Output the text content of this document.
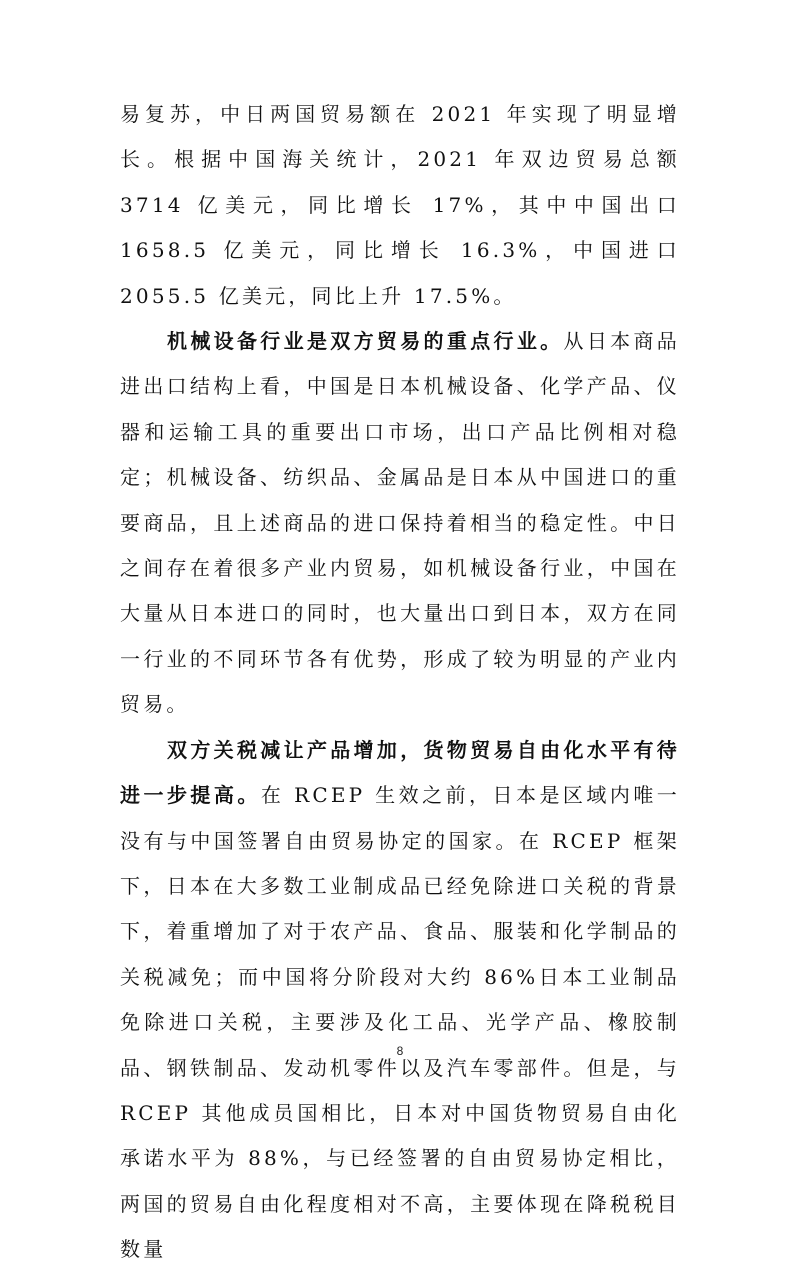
易复苏，中日两国贸易额在 2021 年实现了明显增长。根据中国海关统计，2021 年双边贸易总额 3714 亿美元，同比增长 17%，其中中国出口 1658.5 亿美元，同比增长 16.3%，中国进口 2055.5 亿美元，同比上升 17.5%。

机械设备行业是双方贸易的重点行业。从日本商品进出口结构上看，中国是日本机械设备、化学产品、仪器和运输工具的重要出口市场，出口产品比例相对稳定；机械设备、纺织品、金属品是日本从中国进口的重要商品，且上述商品的进口保持着相当的稳定性。中日之间存在着很多产业内贸易，如机械设备行业，中国在大量从日本进口的同时，也大量出口到日本，双方在同一行业的不同环节各有优势，形成了较为明显的产业内贸易。

双方关税减让产品增加，货物贸易自由化水平有待进一步提高。在 RCEP 生效之前，日本是区域内唯一没有与中国签署自由贸易协定的国家。在 RCEP 框架下，日本在大多数工业制成品已经免除进口关税的背景下，着重增加了对于农产品、食品、服装和化学制品的关税减免；而中国将分阶段对大约 86%日本工业制品免除进口关税，主要涉及化工品、光学产品、橡胶制品、钢铁制品、发动机零件以及汽车零部件。但是，与 RCEP 其他成员国相比，日本对中国货物贸易自由化承诺水平为 88%，与已经签署的自由贸易协定相比，两国的贸易自由化程度相对不高，主要体现在降税税目数量

8
